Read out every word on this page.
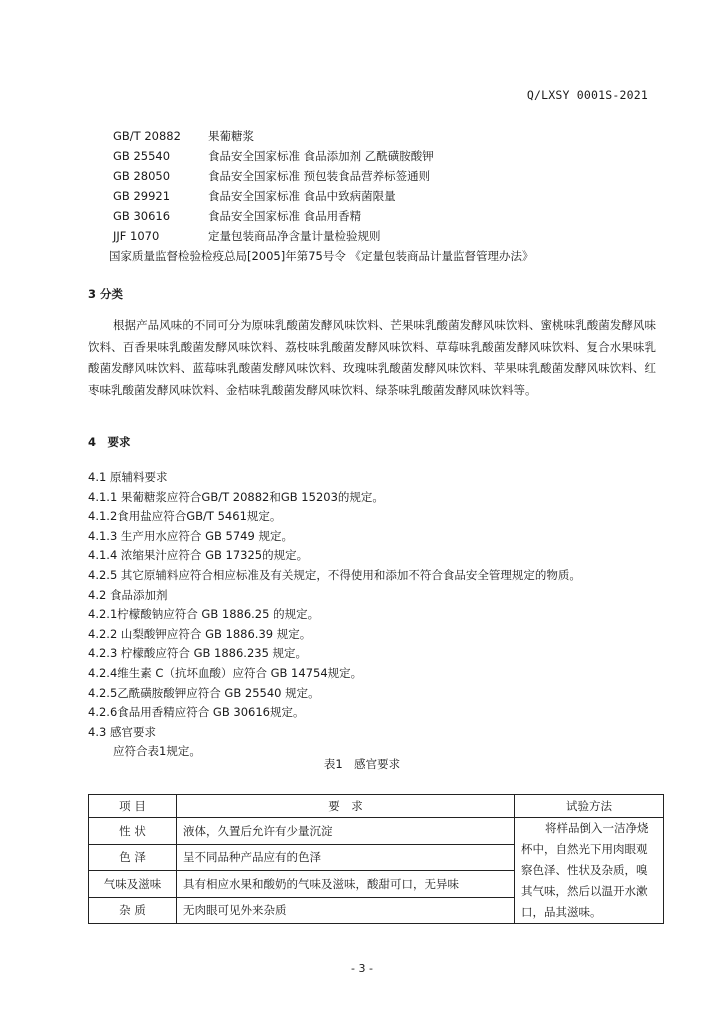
Q/LXSY 0001S-2021
GB/T 20882 果葡糖浆
GB 25540	食品安全国家标准 食品添加剂 乙酰磺胺酸钾
GB 28050	食品安全国家标准 预包装食品营养标签通则
GB 29921	食品安全国家标准 食品中致病菌限量
GB 30616	食品安全国家标准 食品用香精
JJF 1070	定量包装商品净含量计量检验规则
国家质量监督检验检疫总局[2005]年第75号令 《定量包装商品计量监督管理办法》
3 分类
根据产品风味的不同可分为原味乳酸菌发酵风味饮料、芒果味乳酸菌发酵风味饮料、蜜桃味乳酸菌发酵风味饮料、百香果味乳酸菌发酵风味饮料、荔枝味乳酸菌发酵风味饮料、草莓味乳酸菌发酵风味饮料、复合水果味乳酸菌发酵风味饮料、蓝莓味乳酸菌发酵风味饮料、玫瑰味乳酸菌发酵风味饮料、苹果味乳酸菌发酵风味饮料、红枣味乳酸菌发酵风味饮料、金桔味乳酸菌发酵风味饮料、绿茶味乳酸菌发酵风味饮料等。
4　要求
4.1 原辅料要求
4.1.1 果葡糖浆应符合GB/T 20882和GB 15203的规定。
4.1.2食用盐应符合GB/T 5461规定。
4.1.3 生产用水应符合 GB 5749 规定。
4.1.4 浓缩果汁应符合 GB 17325的规定。
4.2.5 其它原辅料应符合相应标准及有关规定，不得使用和添加不符合食品安全管理规定的物质。
4.2 食品添加剂
4.2.1柠檬酸钠应符合 GB 1886.25 的规定。
4.2.2 山梨酸钾应符合 GB 1886.39 规定。
4.2.3 柠檬酸应符合 GB 1886.235 规定。
4.2.4维生素 C（抗坏血酸）应符合 GB 14754规定。
4.2.5乙酰磺胺酸钾应符合 GB 25540 规定。
4.2.6食品用香精应符合 GB 30616规定。
4.3 感官要求
应符合表1规定。
表1　感官要求
项 目	要　求	试验方法
性 状	液体，久置后允许有少量沉淀	将样品倒入一洁净烧杯中，自然光下用肉眼观察色泽、性状及杂质，嗅其气味，然后以温开水漱口，品其滋味。
色 泽	呈不同品种产品应有的色泽	
气味及滋味	具有相应水果和酸奶的气味及滋味，酸甜可口，无异味	
杂 质	无肉眼可见外来杂质	
- 3 -
